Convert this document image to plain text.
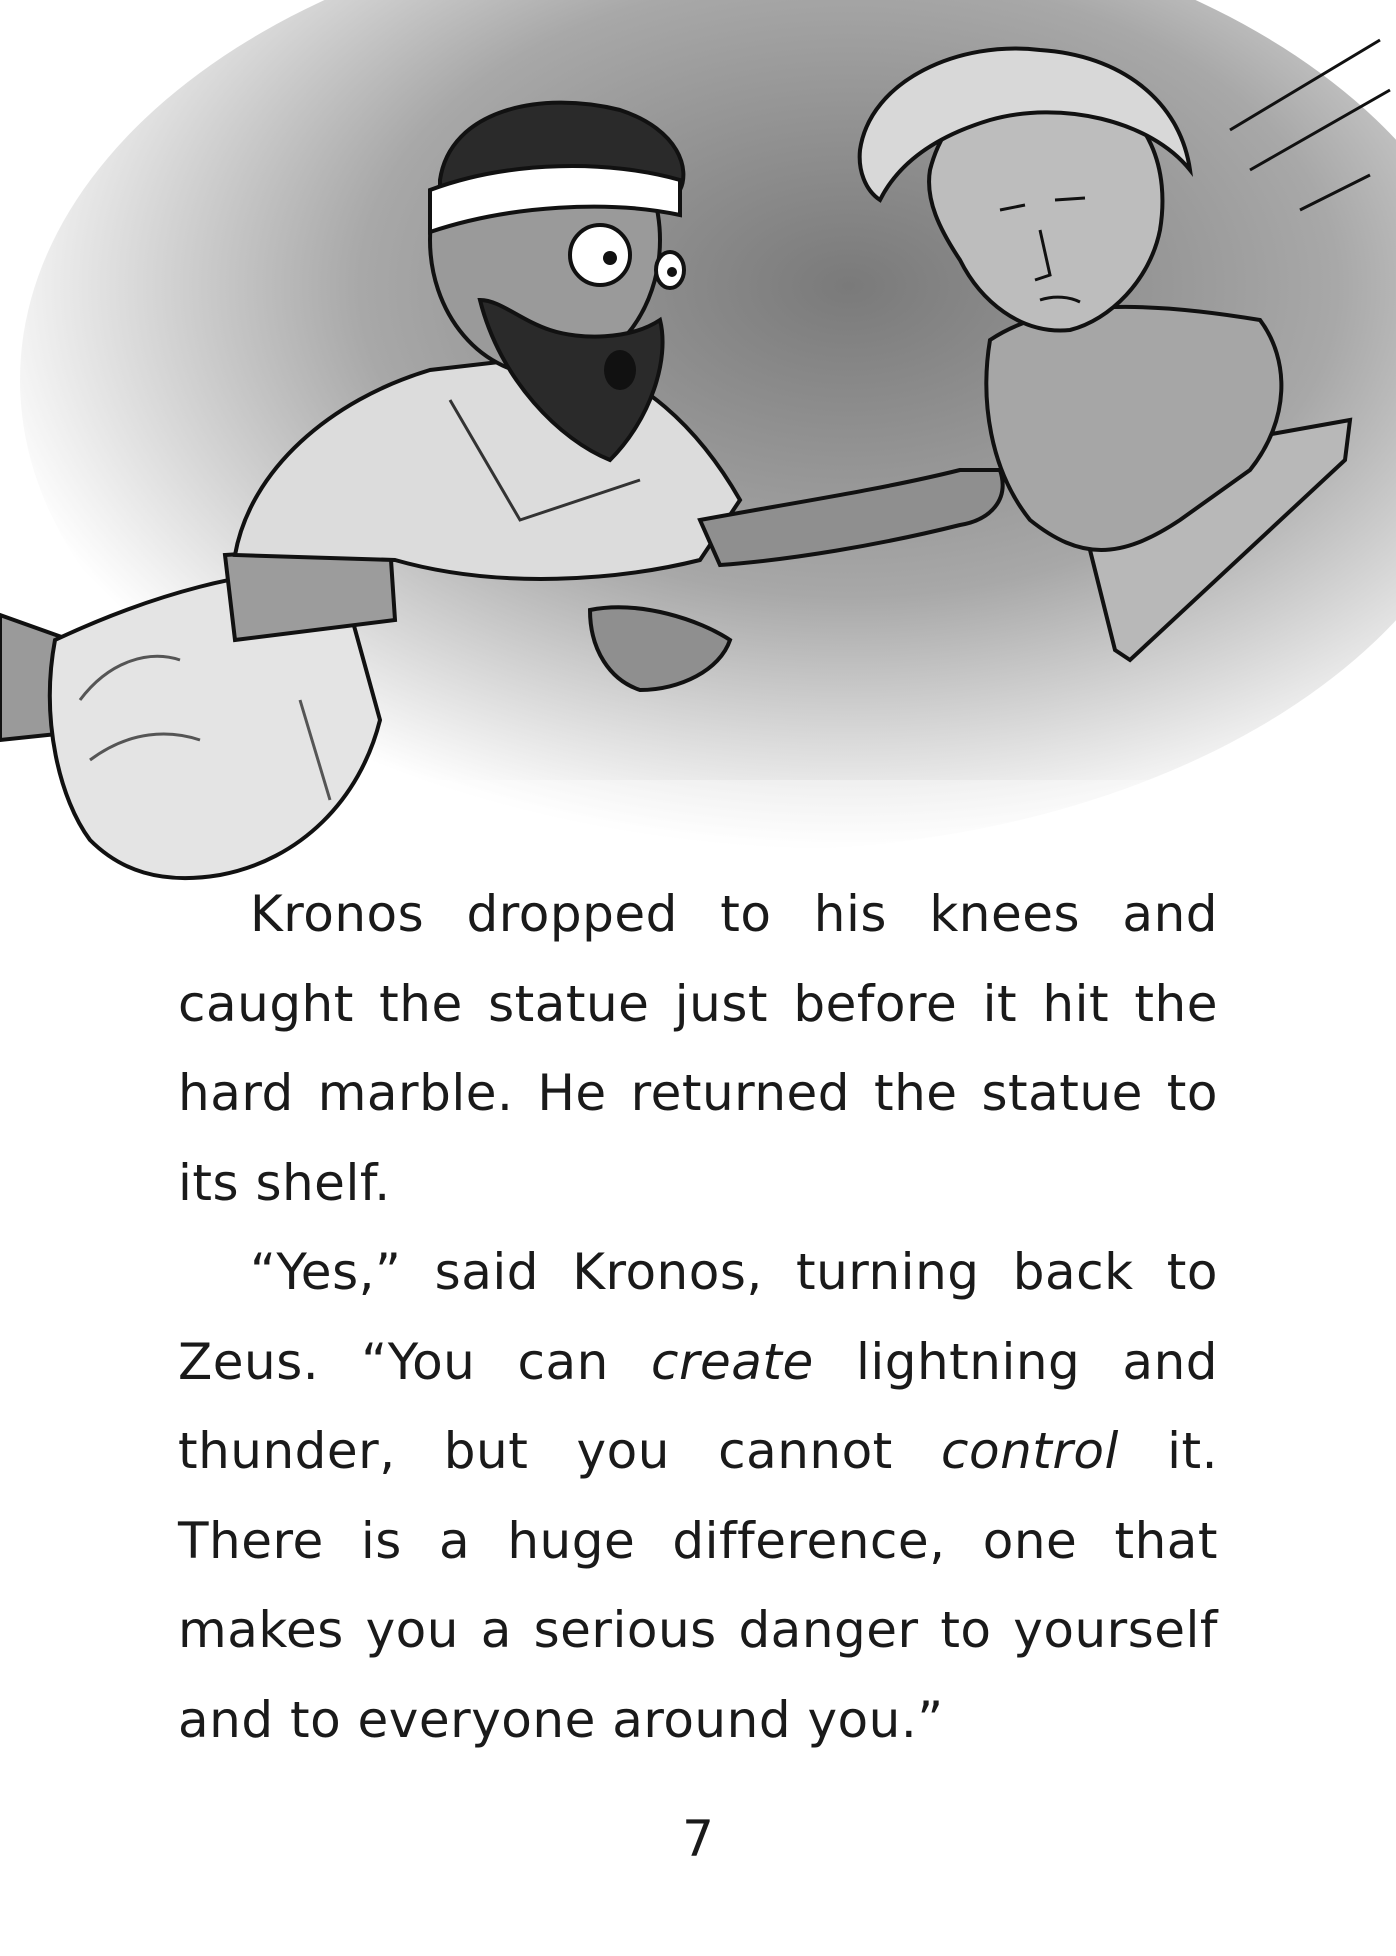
Kronos dropped to his knees and caught the statue just before it hit the hard marble. He returned the statue to its shelf.

“Yes,” said Kronos, turning back to Zeus. “You can create lightning and thunder, but you cannot control it. There is a huge difference, one that makes you a serious danger to yourself and to everyone around you.”

7
